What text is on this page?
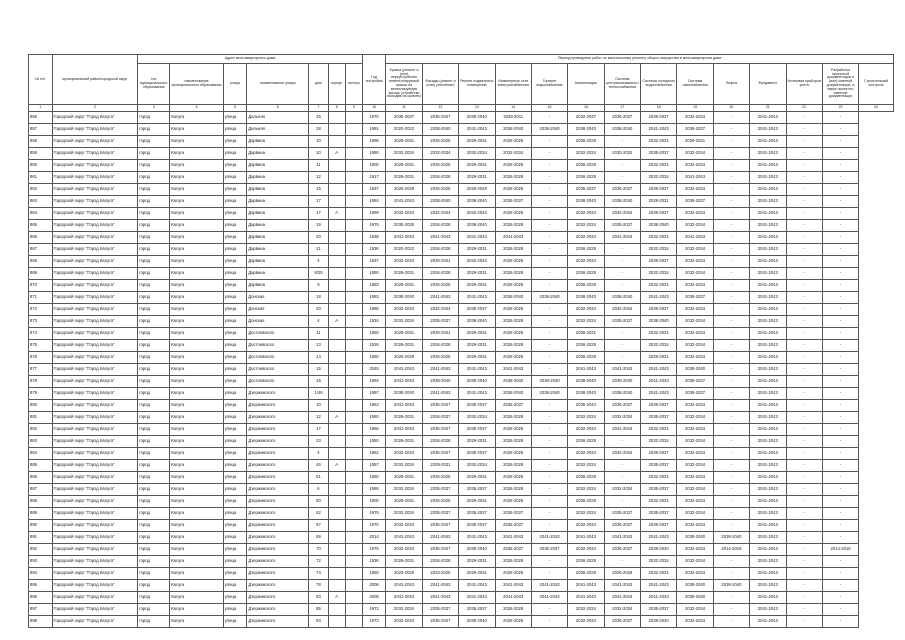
№ п/п	муниципальный район/городской округ	Адрес многоквартирного дома							Год постройки	Период проведения работ по капитальному ремонту общего имущества в многоквартирном доме													
		тип муниципального образования	наименование муниципального образования	улица	наименование улицы	дом	корпус	литера		Крыша (ремонт и (или) переустройство невентилируемой крыши на вентилируемую крышу, устройство выходов на кровлю)	Фасады (ремонт и (или) утепление)	Ремонт подвальных помещений	Инженерные сети электроснабжения	Горячее водоснабжение	Канализация	Система централизованного теплоснабжения	Система холодного водоснабжения	Система газоснабжения	Лифты	Фундамент	Установка приборов учета	Разработка проектной документации и (или) сметной документации, а также проектно-сметной документации	Строительный контроль
1	2	3	4	5	6	7	8	9	10	11	12	13	14	15	16	17	18	19	20	21	22	23	24
856	Городской округ "Город Калуга"	город	Калуга	улица	Дальняя	25			1970	2035-2037	2035-2037	2038-2040	2038-2011	-	2032-2037	2035-2037	2035-2037	2032-2034	-	2041-2043	-	-	
857	Городской округ "Город Калуга"	город	Калуга	улица	Дальняя	28			1991	2020-2022	2038-2040	2041-2043	2038-2040	2038-2040	2038-2040	2038-2040	2041-2043	2035-2037	-	2041-2043	-	-	
858	Городской округ "Город Калуга"	город	Калуга	улица	Дарвина	10			1996	2029-2031	2026-2028	2029-2031	2026-2028	-	2026-2028	-	2032-2034	2029-2031	-	2041-2043	-	-	
859	Городской округ "Город Калуга"	город	Калуга	улица	Дарвина	10	А		1990	2032-2034	2032-2034	2032-2034	2032-2034	-	2032-2034	2030-2032	2035-2037	2032-2034	-	2041-2043	-	-	
860	Городской округ "Город Калуга"	город	Калуга	улица	Дарвина	11			1900	2029-2031	2026-2028	2029-2031	2026-2028	-	2026-2028	-	2032-2034	2032-2034	-	2041-2043	-	-	
861	Городской округ "Город Калуга"	город	Калуга	улица	Дарвина	12			1917	2029-2031	2026-2028	2029-2031	2026-2028	-	2026-2028	-	2032-2034	2041-2043	-	2041-2043	-	-	
862	Городской округ "Город Калуга"	город	Калуга	улица	Дарвина	15			1937	2026-2028	2026-2028	2026-2028	2026-2028	-	2035-2037	2035-2037	2035-2037	2032-2034	-	2041-2043	-	-	
863	Городской округ "Город Калуга"	город	Калуга	улица	Дарвина	17			1984	2041-2043	2038-2040	2038-2040	2035-2037	-	2038-2040	2038-2040	2029-2031	2035-2037	-	2041-2043	-	-	
864	Городской округ "Город Калуга"	город	Калуга	улица	Дарвина	17	А		1999	2032-2034	2032-2034	2032-2034	2026-2028	-	2032-2034	2032-2034	2035-2037	2032-2034	-	2041-2043	-	-	
865	Городской округ "Город Калуга"	город	Калуга	улица	Дарвина	19			1975	2035-2035	2026-2028	2038-2040	2026-2028	-	2032-2034	2035-2037	2038-2040	2032-2034	-	2041-2043	-	-	
866	Городской округ "Город Калуга"	город	Калуга	улица	Дарвина	20			1938	2041-2043	2041-2043	2041-2043	2041-2043	-	2032-2034	2041-2043	2032-2034	2041-2043	-	2041-2043	-	-	
867	Городской округ "Город Калуга"	город	Калуга	улица	Дарвина	21			1936	2020-2022	2026-2028	2029-2031	2026-2028	-	2026-2028	-	2032-2034	2032-2034	-	2041-2043	-	-	
868	Городской округ "Город Калуга"	город	Калуга	улица	Дарвина	4			1937	2032-2034	2029-2031	2032-2034	2026-2028	-	2032-2034	-	2035-2037	2032-2034	-	2041-2043	-	-	
869	Городской округ "Город Калуга"	город	Калуга	улица	Дарвина	8/25			1890	2029-2031	2026-2028	2029-2031	2026-2028	-	2026-2028	-	2032-2034	2032-2034	-	2041-2043	-	-	
870	Городской округ "Город Калуга"	город	Калуга	улица	Дарвина	9			1883	2029-2031	2026-2028	2029-2031	2026-2028	-	2026-2028	-	2032-2034	2032-2034	-	2041-2043	-	-	
871	Городской округ "Город Калуга"	город	Калуга	улица	Донская	18			1983	2038-2040	2041-2043	2041-2043	2038-2040	2038-2040	2038-2040	2038-2040	2041-2043	2035-2037	-	2041-2043	-	-	
872	Городской округ "Город Калуга"	город	Калуга	улица	Донская	20			1986	2032-2034	2032-2034	2035-2037	2026-2028	-	2032-2034	2032-2034	2035-2037	2032-2034	-	2041-2043	-	-	
873	Городской округ "Город Калуга"	город	Калуга	улица	Донская	4	А		1934	2032-2034	2035-2037	2038-2040	2026-2028	-	2032-2034	2035-2037	2038-2040	2032-2034	-	2041-2043	-	-	
874	Городской округ "Город Калуга"	город	Калуга	улица	Достоевского	11			1950	2029-2031	2029-2031	2029-2031	2026-2028	-	2026-2031	-	2032-2034	2032-2034	-	2041-2043	-	-	
875	Городской округ "Город Калуга"	город	Калуга	улица	Достоевского	13			1926	2029-2031	2026-2028	2029-2031	2026-2028	-	2026-2028	-	2032-2034	2032-2034	-	2041-2043	-	-	
876	Городской округ "Город Калуга"	город	Калуга	улица	Достоевского	14			1890	2026-2028	2026-2028	2029-2031	2026-2028	-	2026-2028	-	2029-2031	2032-2034	-	2041-2043	-	-	
877	Городской округ "Город Калуга"	город	Калуга	улица	Достоевского	15			2045	2041-2043	2041-2043	2041-2043	2041-2043	-	2041-2043	2041-2043	2041-2043	2038-2040	-	2041-2043	-	-	
878	Городской округ "Город Калуга"	город	Калуга	улица	Достоевского	16			1994	2041-2043	2038-2040	2038-2040	2038-2040	2038-2040	2038-2040	2038-2040	2041-2043	2035-2037	-	2041-2043	-	-	
879	Городской округ "Город Калуга"	город	Калуга	улица	Дзержинского	1/46			1997	2038-2040	2041-2043	2041-2043	2038-2040	2038-2040	2038-2040	2038-2040	2041-2043	2035-2037	-	2041-2043	-	-	
880	Городской округ "Город Калуга"	город	Калуга	улица	Дзержинского	10			1963	2041-2043	2035-2037	2035-2037	2035-2037	-	2035-2044	2035-2037	2035-2037	2032-2034	-	2041-2043	-	-	
881	Городской округ "Город Калуга"	город	Калуга	улица	Дзержинского	12	А		1960	2029-2031	2026-2037	2032-2034	2026-2028	-	2032-2034	2032-2034	2035-2037	2032-2034	-	2041-2043	-	-	
882	Городской округ "Город Калуга"	город	Калуга	улица	Дзержинского	17			1966	2041-2043	2035-2037	2035-2037	2026-2028	-	2032-2034	2041-2043	2032-2034	2032-2034	-	2041-2043	-	-	
883	Городской округ "Город Калуга"	город	Калуга	улица	Дзержинского	23			1950	2029-2031	2026-2028	2029-2031	2026-2028	-	2026-2028	-	2032-2034	2032-2034	-	2041-2043	-	-	
884	Городской округ "Город Калуга"	город	Калуга	улица	Дзержинского	4			1962	2032-2034	2035-2037	2035-2037	2026-2028	-	2032-2034	2032-2034	2035-2037	2032-2034	-	2041-2043	-	-	
885	Городской округ "Город Калуга"	город	Калуга	улица	Дзержинского	46	А		1957	2032-2034	2029-2031	2032-2034	2026-2028	-	2032-2034	-	2035-2037	2032-2034	-	2041-2043	-	-	
886	Городской округ "Город Калуга"	город	Калуга	улица	Дзержинского	51			1890	2029-2031	2026-2028	2029-2031	2026-2028	-	2026-2028	-	2032-2034	2032-2034	-	2041-2043	-	-	
887	Городской округ "Город Калуга"	город	Калуга	улица	Дзержинского	6			1968	2032-2034	2035-2037	2035-2037	2026-2028	-	2032-2034	2032-2034	2035-2037	2032-2034	-	2041-2043	-	-	
888	Городской округ "Город Калуга"	город	Калуга	улица	Дзержинского	60			1900	2029-2031	2026-2028	2029-2031	2026-2028	-	2026-2028	-	2032-2034	2032-2034	-	2041-2043	-	-	
889	Городской округ "Город Калуга"	город	Калуга	улица	Дзержинского	62			1975	2032-2034	2035-2037	2035-2037	2035-2037	-	2032-2034	2035-2037	2035-2037	2032-2034	-	2041-2043	-	-	
890	Городской округ "Город Калуга"	город	Калуга	улица	Дзержинского	67			1970	2032-2034	2035-2037	2035-2037	2035-2037	-	2032-2034	2035-2037	2035-2037	2032-2034	-	2041-2043	-	-	
891	Городской округ "Город Калуга"	город	Калуга	улица	Дзержинского	69			2014	2041-2043	2041-2043	2041-2043	2041-2043	2041-2043	2041-2043	2041-2043	2041-2043	2038-2040	2038-2040	2041-2043	-	-	
892	Городской округ "Город Калуга"	город	Калуга	улица	Дзержинского	70			1975	2032-2034	2035-2037	2038-2040	2035-2037	2035-2037	2032-2034	2035-2037	2038-2040	2032-2034	2014-2016	2041-2043	-	2014-2016	
893	Городской округ "Город Калуга"	город	Калуга	улица	Дзержинского	72			1936	2029-2031	2026-2028	2029-2031	2026-2028	-	2026-2028	-	2032-2034	2032-2034	-	2041-2043	-	-	
894	Городской округ "Город Калуга"	город	Калуга	улица	Дзержинского	74			1950	2023-2025	2023-2025	2029-2031	2026-2028	-	2026-2028	2026-2028	2032-2034	2032-2034	-	2041-2043	-	-	
895	Городской округ "Город Калуга"	город	Калуга	улица	Дзержинского	78			2006	2041-2043	2041-2043	2041-2043	2041-2043	2041-2043	2041-2043	2041-2043	2041-2043	2038-2040	2038-2040	2041-2043	-	-	
896	Городской округ "Город Калуга"	город	Калуга	улица	Дзержинского	83	А		2005	2041-2043	2041-2043	2041-2043	2041-2043	2041-2043	2041-2043	2041-2043	2041-2043	2038-2040	-	2041-2043	-	-	
897	Городской округ "Город Калуга"	город	Калуга	улица	Дзержинского	85			1972	2032-2034	2035-2037	2035-2037	2026-2028	-	2032-2034	2032-2034	2035-2037	2032-2034	-	2041-2043	-	-	
898	Городской округ "Город Калуга"	город	Калуга	улица	Дзержинского	93			1973	2032-2034	2035-2037	2038-2040	2026-2028	-	2032-2034	2035-2037	2038-2040	2032-2034	-	2041-2043	-	-	
